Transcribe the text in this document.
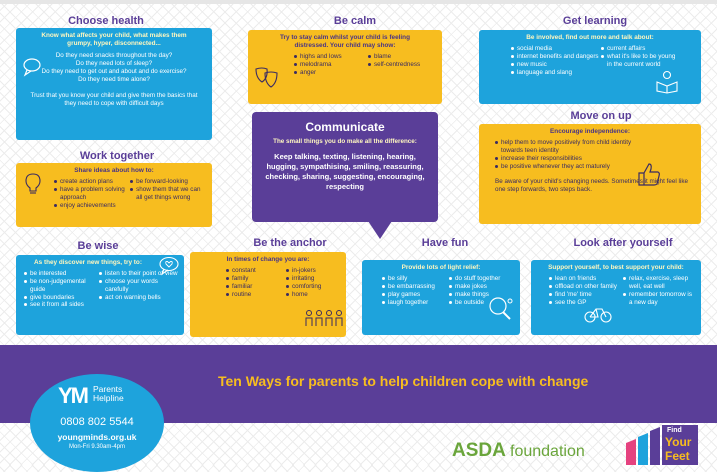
Choose health
Know what affects your child, what makes them grumpy, hyper, disconnected...
Do they need snacks throughout the day?
Do they need lots of sleep?
Do they need to get out and about and do exercise?
Do they need time alone?
Trust that you know your child and give them the basics that they need to cope with difficult days
Be calm
Try to stay calm whilst your child is feeling distressed. Your child may show:
highs and lows
melodrama
anger
blame
self-centredness
Get learning
Be involved, find out more and talk about:
social media
internet benefits and dangers
new music
language and slang
current affairs
what it's like to be young in the current world
Communicate
The small things you do make all the difference:
Keep talking, texting, listening, hearing, hugging, sympathising, smiling, reassuring, checking, sharing, suggesting, encouraging, respecting
Move on up
Encourage independence:
help them to move positively from child identity towards teen identity
increase their responsibilities
be positive whenever they act maturely
Be aware of your child's changing needs. Sometimes it might feel like one step forwards, two steps back.
Work together
Share ideas about how to:
create action plans
have a problem solving approach
enjoy achievements
be forward-looking
show them that we can all get things wrong
Be wise
As they discover new things, try to:
be interested
be non-judgemental guide
give boundaries
see it from all sides
listen to their point of view
choose your words carefully
act on warning bells
Be the anchor
In times of change you are:
constant
family
familiar
routine
in-jokers
irritating
comforting
home
Have fun
Provide lots of light relief:
be silly
be embarrassing
play games
laugh together
do stuff together
make jokes
make things
be outside
Look after yourself
Support yourself, to best support your child:
lean on friends
offload on other family
find 'me' time
see the GP
relax, exercise, sleep well, eat well
remember tomorrow is a new day
Ten Ways for parents to help children cope with change
YM Parents
Helpline
0808 802 5544
youngminds.org.uk
Mon-Fri 9.30am-4pm	ASDA foundation
Find
Your
Feet
